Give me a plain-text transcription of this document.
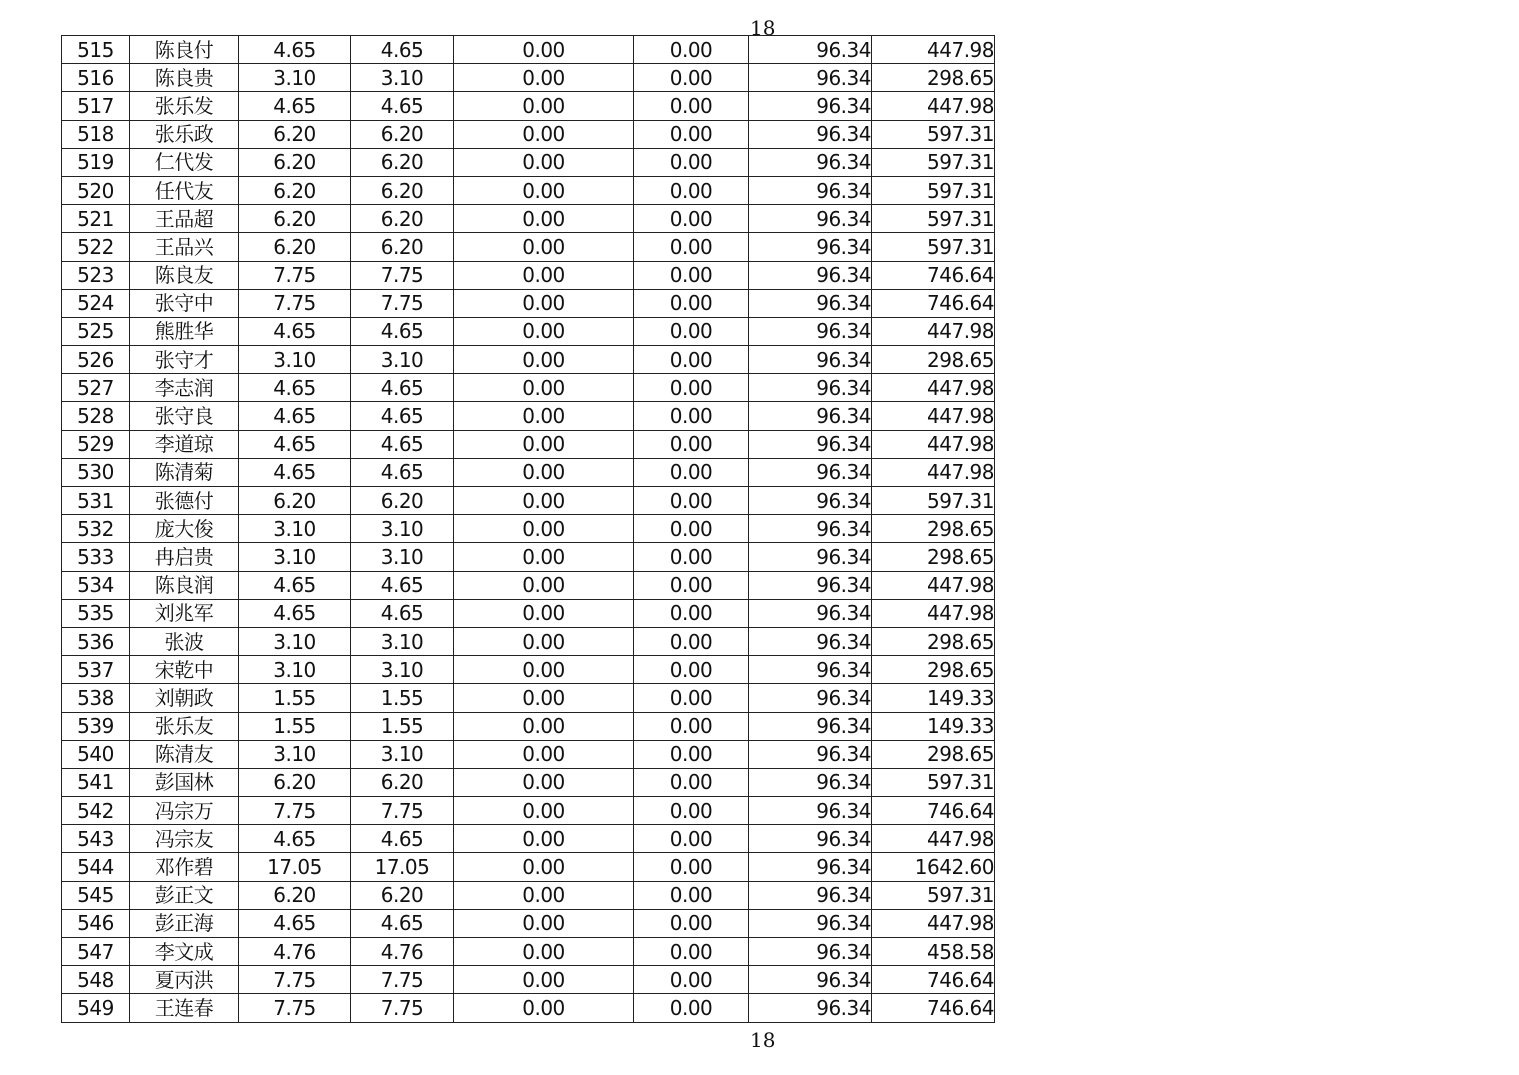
18
515	陈良付	4.65	4.65	0.00	0.00	96.34	447.98
516	陈良贵	3.10	3.10	0.00	0.00	96.34	298.65
517	张乐发	4.65	4.65	0.00	0.00	96.34	447.98
518	张乐政	6.20	6.20	0.00	0.00	96.34	597.31
519	仁代发	6.20	6.20	0.00	0.00	96.34	597.31
520	任代友	6.20	6.20	0.00	0.00	96.34	597.31
521	王品超	6.20	6.20	0.00	0.00	96.34	597.31
522	王品兴	6.20	6.20	0.00	0.00	96.34	597.31
523	陈良友	7.75	7.75	0.00	0.00	96.34	746.64
524	张守中	7.75	7.75	0.00	0.00	96.34	746.64
525	熊胜华	4.65	4.65	0.00	0.00	96.34	447.98
526	张守才	3.10	3.10	0.00	0.00	96.34	298.65
527	李志润	4.65	4.65	0.00	0.00	96.34	447.98
528	张守良	4.65	4.65	0.00	0.00	96.34	447.98
529	李道琼	4.65	4.65	0.00	0.00	96.34	447.98
530	陈清菊	4.65	4.65	0.00	0.00	96.34	447.98
531	张德付	6.20	6.20	0.00	0.00	96.34	597.31
532	庞大俊	3.10	3.10	0.00	0.00	96.34	298.65
533	冉启贵	3.10	3.10	0.00	0.00	96.34	298.65
534	陈良润	4.65	4.65	0.00	0.00	96.34	447.98
535	刘兆军	4.65	4.65	0.00	0.00	96.34	447.98
536	张波	3.10	3.10	0.00	0.00	96.34	298.65
537	宋乾中	3.10	3.10	0.00	0.00	96.34	298.65
538	刘朝政	1.55	1.55	0.00	0.00	96.34	149.33
539	张乐友	1.55	1.55	0.00	0.00	96.34	149.33
540	陈清友	3.10	3.10	0.00	0.00	96.34	298.65
541	彭国林	6.20	6.20	0.00	0.00	96.34	597.31
542	冯宗万	7.75	7.75	0.00	0.00	96.34	746.64
543	冯宗友	4.65	4.65	0.00	0.00	96.34	447.98
544	邓作碧	17.05	17.05	0.00	0.00	96.34	1642.60
545	彭正文	6.20	6.20	0.00	0.00	96.34	597.31
546	彭正海	4.65	4.65	0.00	0.00	96.34	447.98
547	李文成	4.76	4.76	0.00	0.00	96.34	458.58
548	夏丙洪	7.75	7.75	0.00	0.00	96.34	746.64
549	王连春	7.75	7.75	0.00	0.00	96.34	746.64
18
